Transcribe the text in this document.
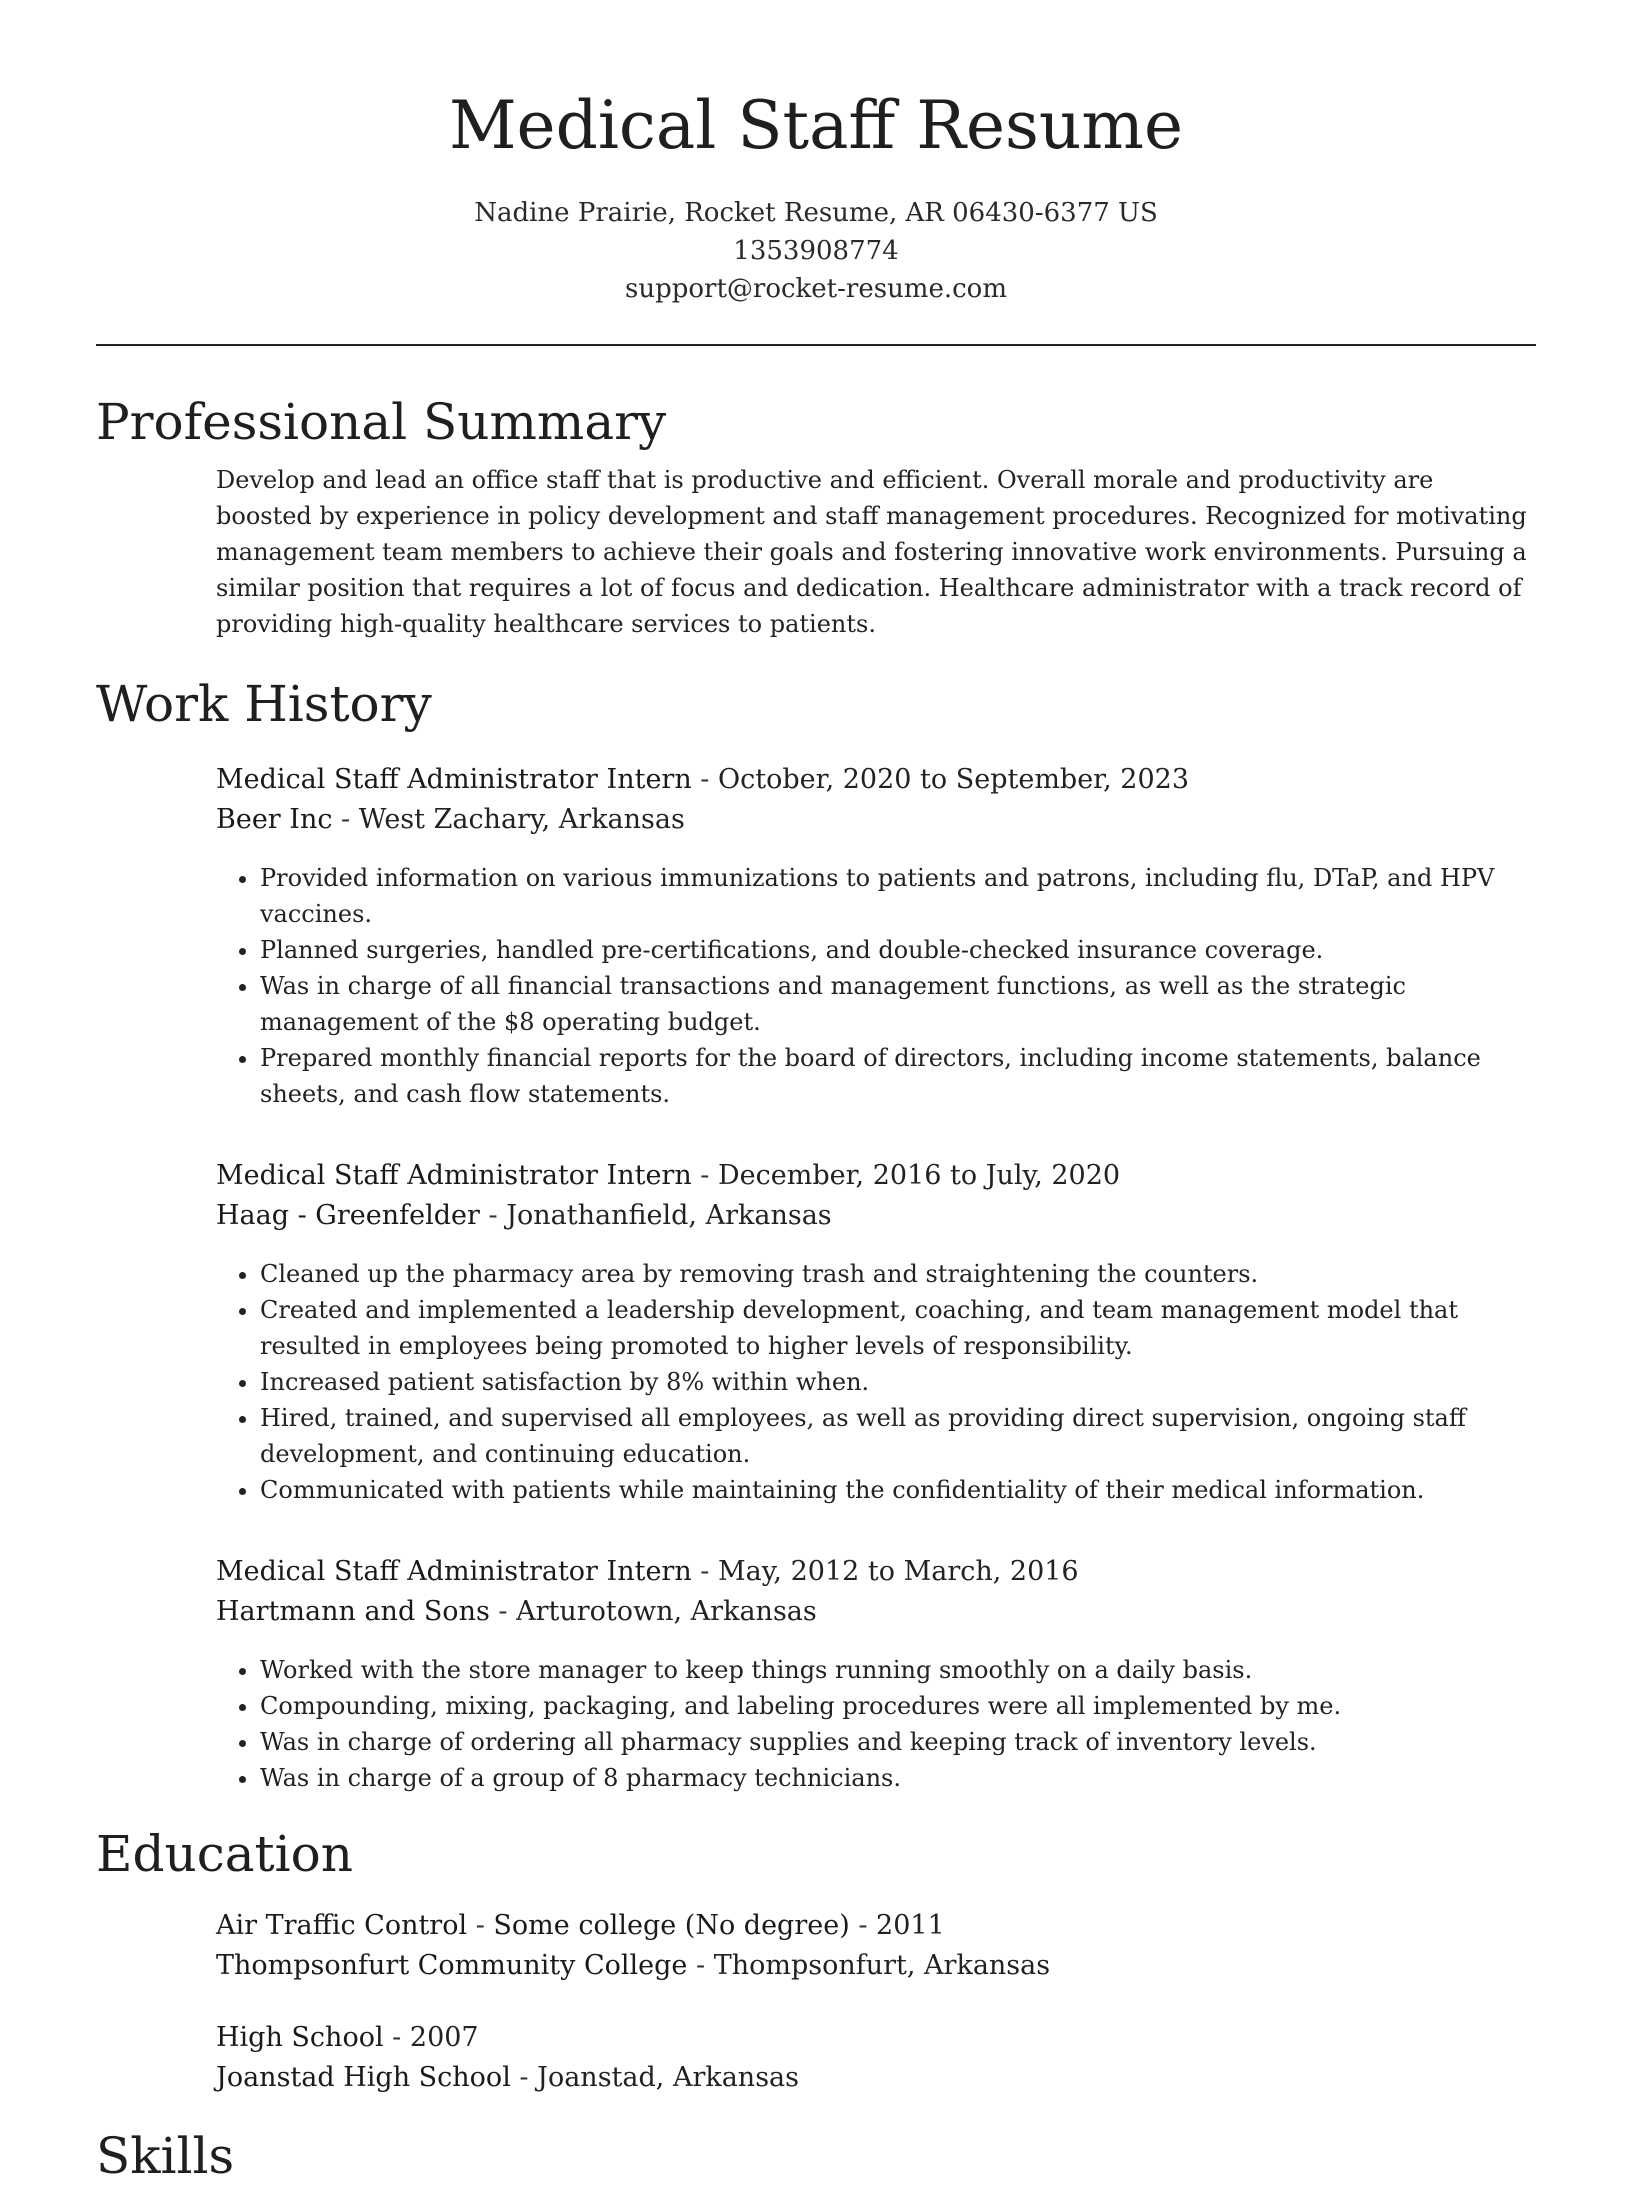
Medical Staff Resume
Nadine Prairie, Rocket Resume, AR 06430-6377 US
1353908774
support@rocket-resume.com
Professional Summary
Develop and lead an office staff that is productive and efficient. Overall morale and productivity are boosted by experience in policy development and staff management procedures. Recognized for motivating management team members to achieve their goals and fostering innovative work environments. Pursuing a similar position that requires a lot of focus and dedication. Healthcare administrator with a track record of providing high-quality healthcare services to patients.
Work History
Medical Staff Administrator Intern - October, 2020 to September, 2023
Beer Inc - West Zachary, Arkansas
• Provided information on various immunizations to patients and patrons, including flu, DTaP, and HPV vaccines.
• Planned surgeries, handled pre-certifications, and double-checked insurance coverage.
• Was in charge of all financial transactions and management functions, as well as the strategic management of the $8 operating budget.
• Prepared monthly financial reports for the board of directors, including income statements, balance sheets, and cash flow statements.
Medical Staff Administrator Intern - December, 2016 to July, 2020
Haag - Greenfelder - Jonathanfield, Arkansas
• Cleaned up the pharmacy area by removing trash and straightening the counters.
• Created and implemented a leadership development, coaching, and team management model that resulted in employees being promoted to higher levels of responsibility.
• Increased patient satisfaction by 8% within when.
• Hired, trained, and supervised all employees, as well as providing direct supervision, ongoing staff development, and continuing education.
• Communicated with patients while maintaining the confidentiality of their medical information.
Medical Staff Administrator Intern - May, 2012 to March, 2016
Hartmann and Sons - Arturotown, Arkansas
• Worked with the store manager to keep things running smoothly on a daily basis.
• Compounding, mixing, packaging, and labeling procedures were all implemented by me.
• Was in charge of ordering all pharmacy supplies and keeping track of inventory levels.
• Was in charge of a group of 8 pharmacy technicians.
Education
Air Traffic Control - Some college (No degree) - 2011
Thompsonfurt Community College - Thompsonfurt, Arkansas
High School - 2007
Joanstad High School - Joanstad, Arkansas
Skills
